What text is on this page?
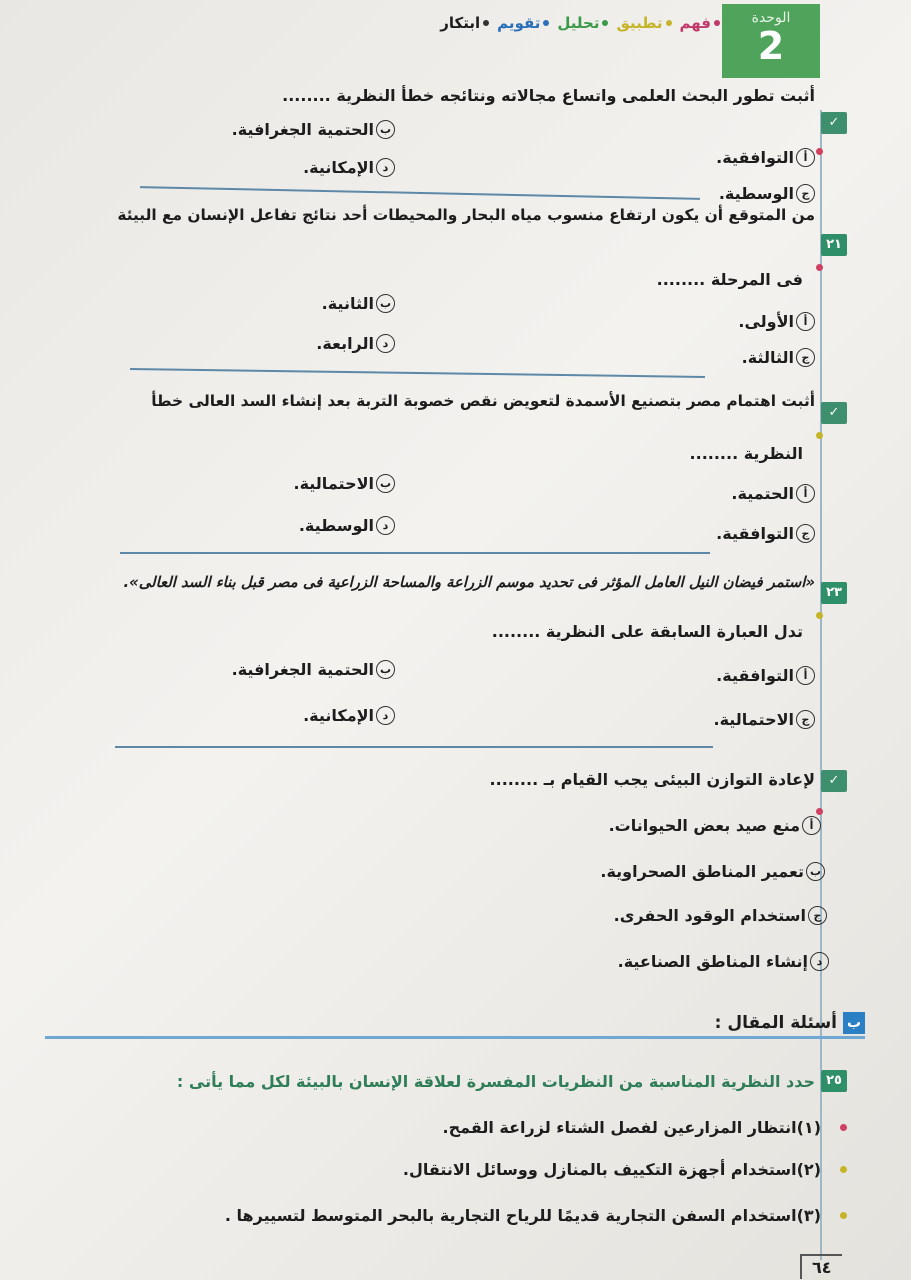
فهم
تطبيق
تحليل
تقويم
ابتكار	الوحدة
2
✓
أثبت تطور البحث العلمى واتساع مجالاته ونتائجه خطأ النظرية ........
أ
التوافقية.
ب
الحتمية الجغرافية.
ج
الوسطية.
د
الإمكانية.
٢١
من المتوقع أن يكون ارتفاع منسوب مياه البحار والمحيطات أحد نتائج تفاعل الإنسان مع البيئة
فى المرحلة ........
أ
الأولى.
ب
الثانية.
ج
الثالثة.
د
الرابعة.
✓
أثبت اهتمام مصر بتصنيع الأسمدة لتعويض نقص خصوبة التربة بعد إنشاء السد العالى خطأ
النظرية ........
أ
الحتمية.
ب
الاحتمالية.
ج
التوافقية.
د
الوسطية.
٢٣
«استمر فيضان النيل العامل المؤثر فى تحديد موسم الزراعة والمساحة الزراعية فى مصر قبل بناء السد العالى».
تدل العبارة السابقة على النظرية ........
أ
التوافقية.
ب
الحتمية الجغرافية.
ج
الاحتمالية.
د
الإمكانية.
✓
لإعادة التوازن البيئى يجب القيام بـ ........
أ
منع صيد بعض الحيوانات.
ب
تعمير المناطق الصحراوية.
ج
استخدام الوقود الحفرى.
د
إنشاء المناطق الصناعية.
ب
أسئلة المقال :
٢٥
حدد النظرية المناسبة من النظريات المفسرة لعلاقة الإنسان بالبيئة لكل مما يأتى :
(١)انتظار المزارعين لفصل الشتاء لزراعة القمح.
(٢)استخدام أجهزة التكييف بالمنازل ووسائل الانتقال.
(٣)استخدام السفن التجارية قديمًا للرياح التجارية بالبحر المتوسط لتسييرها .
٦٤
